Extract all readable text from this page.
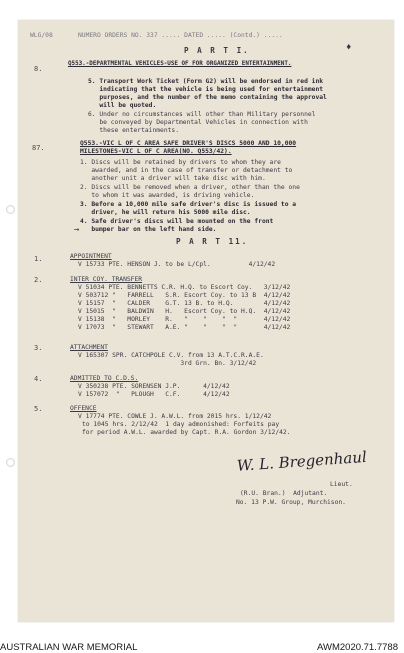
WLG/08	NUMERO ORDERS NO. 337 ..... DATED ..... (Contd.) .....
♦
P A R T I.
8.
Q553.-DEPARTMENTAL VEHICLES-USE OF FOR ORGANIZED ENTERTAINMENT.
5. Transport Work Ticket (Form G2) will be endorsed in red ink
indicating that the vehicle is being used for entertainment
purposes, and the number of the memo containing the approval
will be quoted.
6. Under no circumstances will other than Military personnel
be conveyed by Departmental Vehicles in connection with
these entertainments.
87.
Q553.-VIC L OF C AREA SAFE DRIVER'S DISCS 5000 AND 10,000
MILESTONES-VIC L OF C AREA(NO. Q553/42).
1. Discs will be retained by drivers to whom they are
awarded, and in the case of transfer or detachment to
another unit a driver will take disc with him.
2. Discs will be removed when a driver, other than the one
to whom it was awarded, is driving vehicle.
→
3. Before a 10,000 mile safe driver's disc is issued to a
driver, he will return his 5000 mile disc.
4. Safe driver's discs will be mounted on the front
bumper bar on the left hand side.
P A R T 11.
1.	APPOINTMENT
V 15733 PTE. HENSON J. to be L/Cpl.          4/12/42
2.	INTER COY. TRANSFER
V 51034 PTE. BENNETTS C.R. H.Q. to Escort Coy.   3/12/42
V 503712 "   FARRELL   S.R. Escort Coy. to 13 B  4/12/42
V 15157  "   CALDER    G.T. 13 B. to H.Q.        4/12/42
V 15015  "   BALDWIN   H.   Escort Coy. to H.Q.  4/12/42
V 15138  "   MORLEY    R.   "    "    "  "       4/12/42
V 17073  "   STEWART   A.E. "    "    "  "       4/12/42
3.	ATTACHMENT
V 165307 SPR. CATCHPOLE C.V. from 13 A.T.C.R.A.E.
3rd Grn. Bn. 3/12/42
4.	ADMITTED TO C.D.S.
V 350238 PTE. SORENSEN J.P.      4/12/42
V 157072  "   PLOUGH   C.F.      4/12/42
5.	OFFENCE
V 17774 PTE. COWLE J. A.W.L. from 2015 hrs. 1/12/42
to 1045 hrs. 2/12/42  1 day admonished: Forfeits pay
for period A.W.L. awarded by Capt. R.A. Gordon 3/12/42.
W. L. Bregenhaul
Lieut.
(R.U. Bran.)  Adjutant.
No. 13 P.W. Group, Murchison.
AUSTRALIAN WAR MEMORIAL	AWM2020.71.7788
